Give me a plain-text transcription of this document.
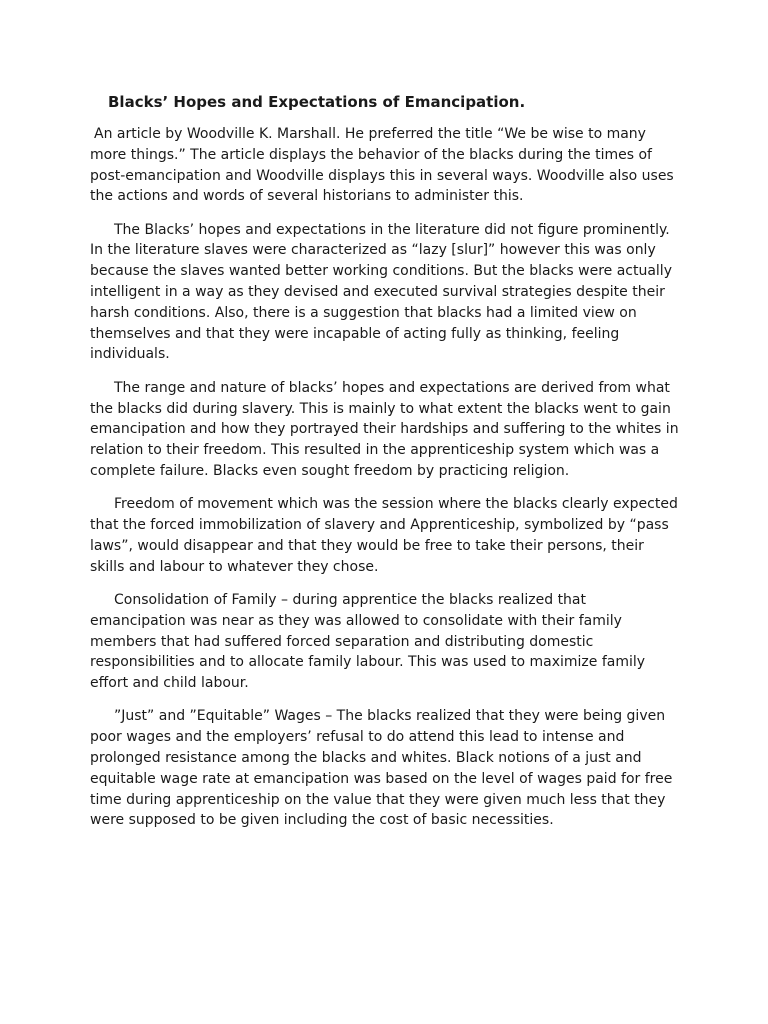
Blacks’ Hopes and Expectations of Emancipation.

An article by Woodville K. Marshall. He preferred the title “We be wise to many more things.” The article displays the behavior of the blacks during the times of post-emancipation and Woodville displays this in several ways. Woodville also uses the actions and words of several historians to administer this.

The Blacks’ hopes and expectations in the literature did not figure prominently. In the literature slaves were characterized as “lazy [slur]” however this was only because the slaves wanted better working conditions. But the blacks were actually intelligent in a way as they devised and executed survival strategies despite their harsh conditions. Also, there is a suggestion that blacks had a limited view on themselves and that they were incapable of acting fully as thinking, feeling individuals.

The range and nature of blacks’ hopes and expectations are derived from what the blacks did during slavery. This is mainly to what extent the blacks went to gain emancipation and how they portrayed their hardships and suffering to the whites in relation to their freedom. This resulted in the apprenticeship system which was a complete failure. Blacks even sought freedom by practicing religion.

Freedom of movement which was the session where the blacks clearly expected that the forced immobilization of slavery and Apprenticeship, symbolized by “pass laws”, would disappear and that they would be free to take their persons, their skills and labour to whatever they chose.

Consolidation of Family – during apprentice the blacks realized that emancipation was near as they was allowed to consolidate with their family members that had suffered forced separation and distributing domestic responsibilities and to allocate family labour. This was used to maximize family effort and child labour.

”Just” and ”Equitable” Wages – The blacks realized that they were being given poor wages and the employers’ refusal to do attend this lead to intense and prolonged resistance among the blacks and whites. Black notions of a just and equitable wage rate at emancipation was based on the level of wages paid for free time during apprenticeship on the value that they were given much less that they were supposed to be given including the cost of basic necessities.
